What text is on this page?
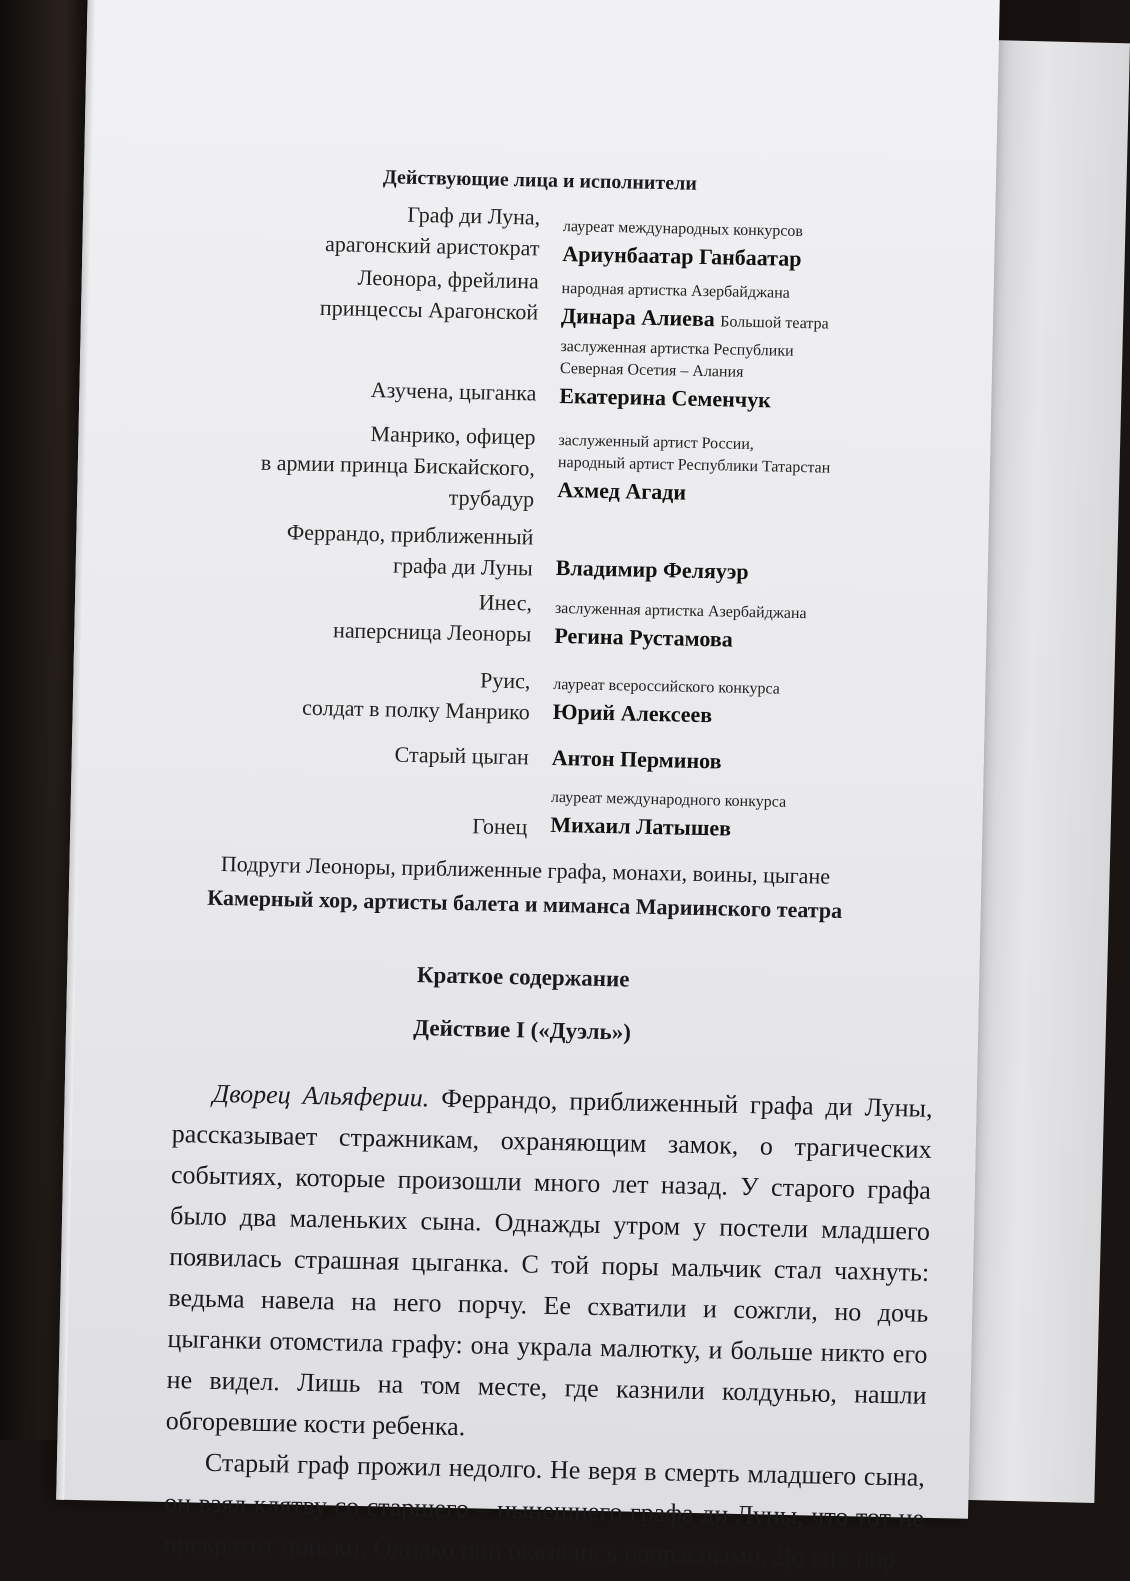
Действующие лица и исполнители
Граф ди Луна,
арагонский аристократ
лауреат международных конкурсов
Ариунбаатар Ганбаатар
Леонора, фрейлина
принцессы Арагонской
народная артистка Азербайджана
Динара Алиева Большой театра
Азучена, цыганка
заслуженная артистка Республики
Северная Осетия – Алания
Екатерина Семенчук
Манрико, офицер
в армии принца Бискайского,
трубадур
заслуженный артист России,
народный артист Республики Татарстан
Ахмед Агади
Феррандо, приближенный
графа ди Луны Владимир Феляуэр
Инес,
наперсница Леоноры
заслуженная артистка Азербайджана
Регина Рустамова
Руис,
солдат в полку Манрико
лауреат всероссийского конкурса
Юрий Алексеев
Старый цыган Антон Перминов
Гонец
лауреат международного конкурса
Михаил Латышев
Подруги Леоноры, приближенные графа, монахи, воины, цыгане
Камерный хор, артисты балета и миманса Мариинского театра
Краткое содержание
Действие I («Дуэль»)

Дворец Альяферии. Феррандо, приближенный графа ди Луны, рассказывает стражникам, охраняющим замок, о трагических событиях, которые произошли много лет назад. У старого графа было два маленьких сына. Однажды утром у постели младшего появилась страшная цыганка. С той поры мальчик стал чахнуть: ведьма навела на него порчу. Ее схватили и сожгли, но дочь цыганки отомстила графу: она украла малютку, и больше никто его не видел. Лишь на том месте, где казнили колдунью, нашли обгоревшие кости ребенка.

Старый граф прожил недолго. Не веря в смерть младшего сына, он взял клятву со старшего – нынешнего графа ди Луны, что тот не прекратит поиски. Однако они оказались напрасными. До сих пор
